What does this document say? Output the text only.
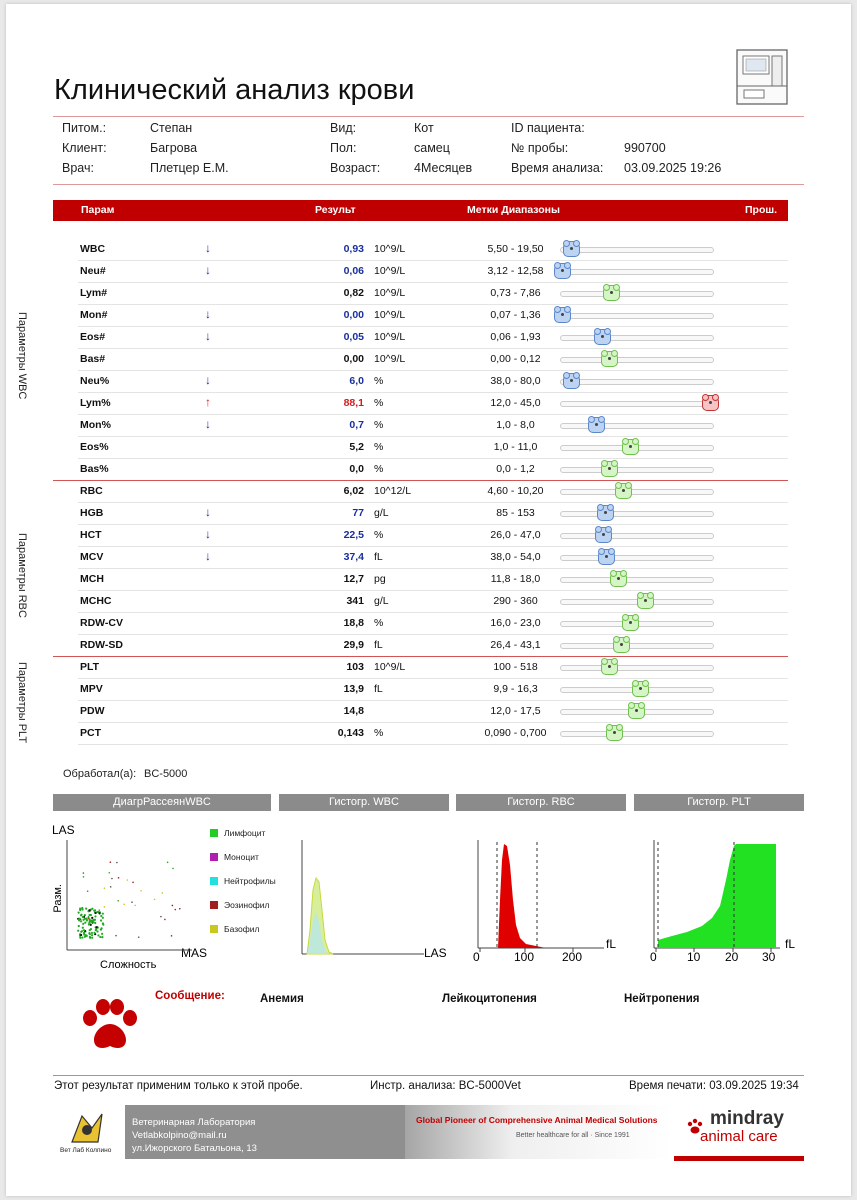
Клинический анализ крови
Питом.:	Степан	Вид:	Кот	ID пациента:
Клиент:	Багрова	Пол:	самец	№ пробы:	990700
Врач:	Плетцер Е.М.	Возраст:	4Месяцев	Время анализа: 03.09.2025 19:26
Парам	Результ	Метки Диапазоны	Прош.
WBC	↓	0,93 10^9/L	5,50 - 19,50
Neu#	↓	0,06 10^9/L	3,12 - 12,58
Lym#	0,82 10^9/L	0,73 - 7,86
Mon#	↓	0,00 10^9/L	0,07 - 1,36
Eos#	↓	0,05 10^9/L	0,06 - 1,93
Bas#	0,00 10^9/L	0,00 - 0,12
Neu%	↓	6,0 %	38,0 - 80,0
Lym%	↑	88,1 %	12,0 - 45,0
Mon%	↓	0,7 %	1,0 - 8,0
Eos%	5,2 %	1,0 - 11,0
Bas%	0,0 %	0,0 - 1,2
RBC	6,02 10^12/L	4,60 - 10,20
HGB	↓	77 g/L	85 - 153
HCT	↓	22,5 %	26,0 - 47,0
MCV	↓	37,4 fL	38,0 - 54,0
MCH	12,7 pg	11,8 - 18,0
MCHC	341 g/L	290 - 360
RDW-CV	18,8 %	16,0 - 23,0
RDW-SD	29,9 fL	26,4 - 43,1
PLT	103 10^9/L	100 - 518
MPV	13,9 fL	9,9 - 16,3
PDW	14,8	12,0 - 17,5
PCT	0,143 %	0,090 - 0,700
Параметры WBC
Параметры RBC
Параметры PLT
Обработал(а): BC-5000
ДиагрРассеянWBC	Гистогр. WBC	Гистогр. RBC	Гистогр. PLT
LAS
Разм.
Сложность
MAS
Лимфоцит
Моноцит
Нейтрофилы
Эозинофил
Базофил
LAS 0	100 200
fL
0	10 20 30
fL
Сообщение:	Анемия	Лейкоцитопения	Нейтропения
Этот результат применим только к этой пробе.	Инстр. анализа: BC-5000Vet	Время печати: 03.09.2025 19:34
Вет Лаб Колпино
Ветеринарная Лаборатория
Vetlabkolpino@mail.ru
ул.Ижорского Батальона, 13
Global Pioneer of Comprehensive Animal Medical Solutions
Better healthcare for all · Since 1991
mindray
animal care
